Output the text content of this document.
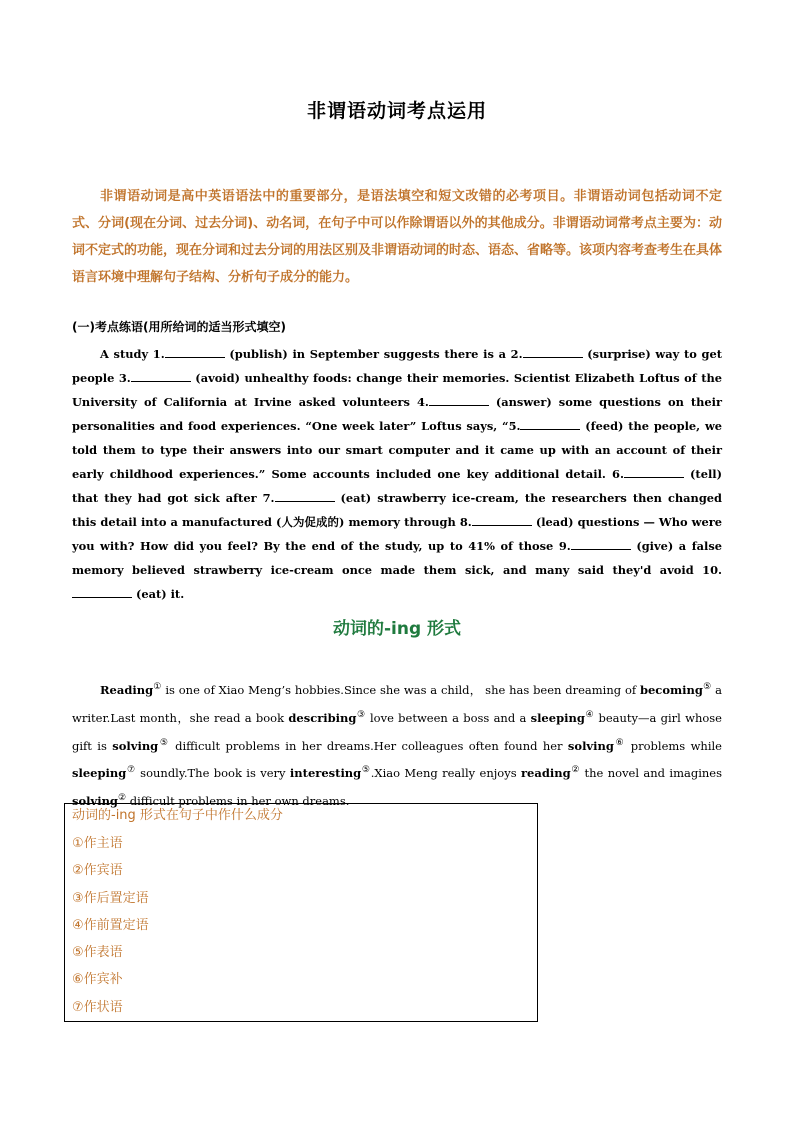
非谓语动词考点运用
非谓语动词是高中英语语法中的重要部分，是语法填空和短文改错的必考项目。非谓语动词包括动词不定式、分词(现在分词、过去分词)、动名词，在句子中可以作除谓语以外的其他成分。非谓语动词常考点主要为：动词不定式的功能，现在分词和过去分词的用法区别及非谓语动词的时态、语态、省略等。该项内容考查考生在具体语言环境中理解句子结构、分析句子成分的能力。
(一)考点练语(用所给词的适当形式填空)
A study 1.	(publish) in September suggests there is a 2.	(surprise) way to get people 3.	(avoid) unhealthy foods: change their memories. Scientist Elizabeth Loftus of the University of California at Irvine asked volunteers 4.	(answer) some questions on their personalities and food experiences. “One week later” Loftus says, “5.	(feed) the people, we told them to type their answers into our smart computer and it came up with an account of their early childhood experiences.” Some accounts included one key additional detail. 6.	(tell) that they had got sick after 7.	(eat) strawberry ice-cream, the researchers then changed this detail into a manufactured (人为促成的) memory through 8.	(lead) questions — Who were you with? How did you feel? By the end of the study, up to 41% of those 9.	(give) a false memory believed strawberry ice-cream once made them sick, and many said they'd avoid 10. (eat) it.
动词的-ing 形式
Reading① is one of Xiao Meng’s hobbies.Since she was a child， she has been dreaming of becoming⑤ a writer.Last month，she read a book describing③ love between a boss and a sleeping④ beauty—a girl whose gift is solving⑤ difficult problems in her dreams.Her colleagues often found her solving⑥ problems while sleeping⑦ soundly.The book is very interesting⑤.Xiao Meng really enjoys reading② the novel and imagines solving② difficult problems in her own dreams.
动词的-ing 形式在句子中作什么成分
①作主语
②作宾语
③作后置定语
④作前置定语
⑤作表语
⑥作宾补
⑦作状语
